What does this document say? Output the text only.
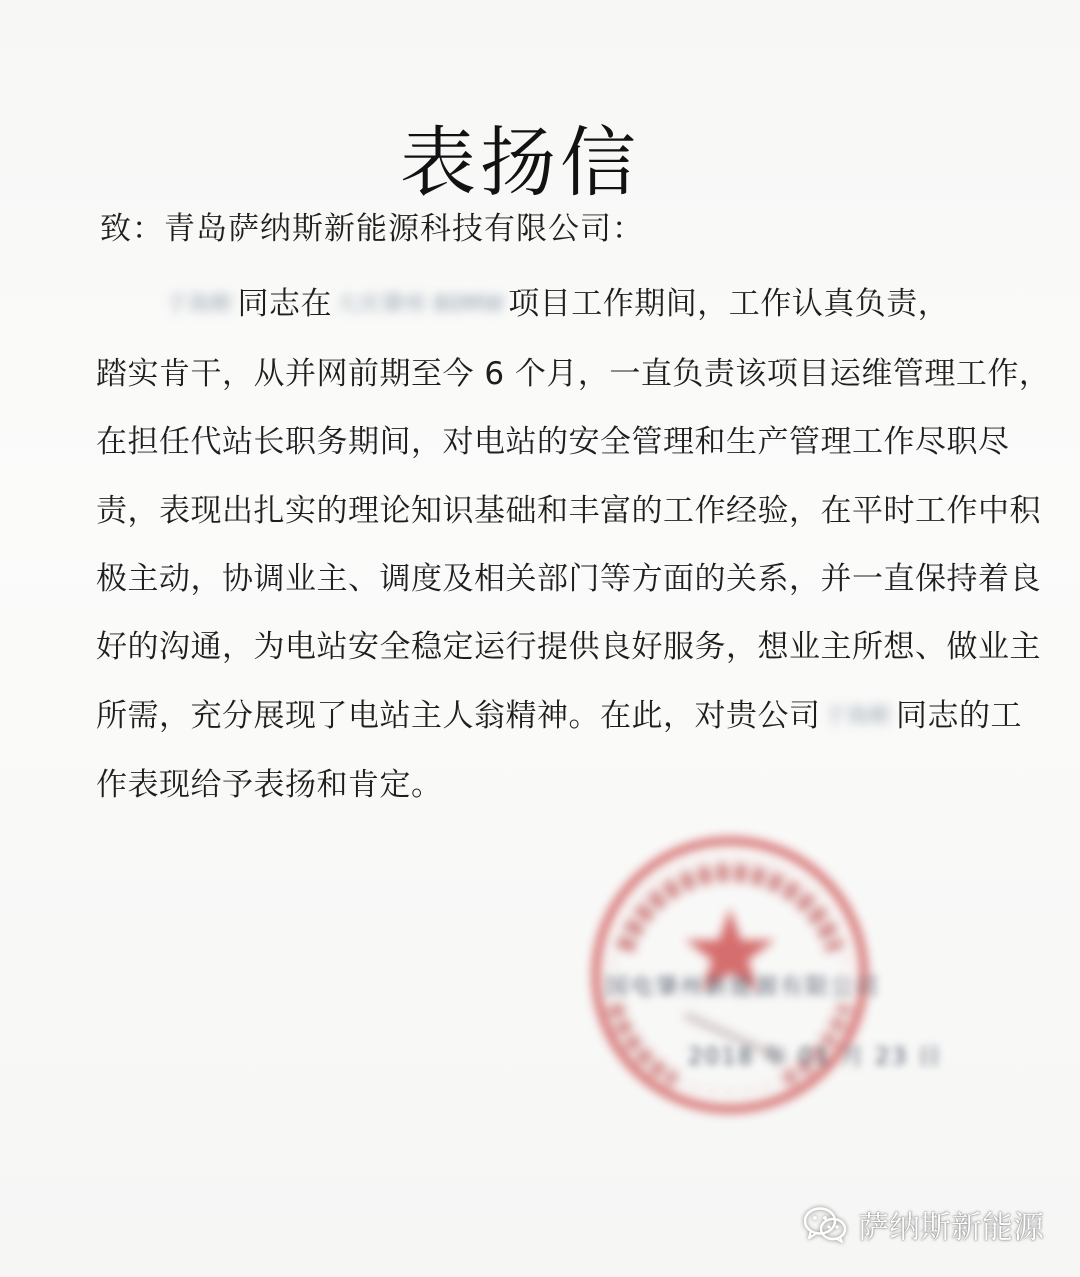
表扬信

致：青岛萨纳斯新能源科技有限公司：

于海彬 同志在 大庆肇州 80MW 项目工作期间，工作认真负责，
踏实肯干，从并网前期至今 6 个月，一直负责该项目运维管理工作，
在担任代站长职务期间，对电站的安全管理和生产管理工作尽职尽
责，表现出扎实的理论知识基础和丰富的工作经验，在平时工作中积
极主动，协调业主、调度及相关部门等方面的关系，并一直保持着良
好的沟通，为电站安全稳定运行提供良好服务，想业主所想、做业主
所需，充分展现了电站主人翁精神。在此，对贵公司 于海彬 同志的工
作表现给予表扬和肯定。
国电肇州新能源有限公司
2018 年 01 月 23 日
萨纳斯新能源
